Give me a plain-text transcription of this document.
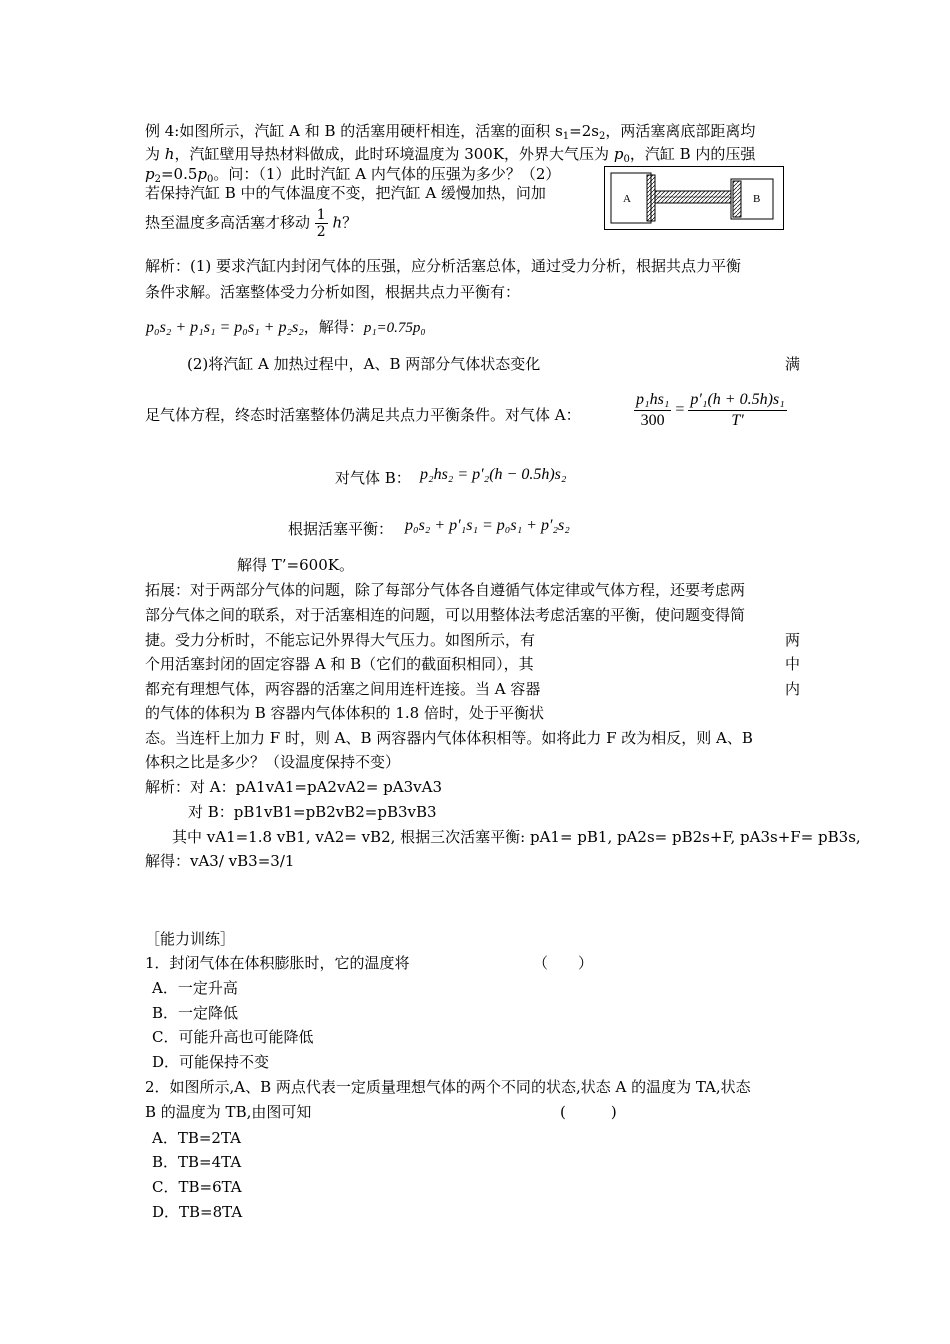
例 4:如图所示，汽缸 A 和 B 的活塞用硬杆相连，活塞的面积 $s_1=2s_2$，两活塞离底部距离均
为 h，汽缸壁用导热材料做成，此时环境温度为 300K，外界大气压为 $p_0$，汽缸 B 内的压强
$p_2=0.5p_0$。问：（1）此时汽缸 A 内气体的压强为多少？（2）
若保持汽缸 B 中的气体温度不变，把汽缸 A 缓慢加热，问加
热至温度多高活塞才移动 $\frac{1}{2}$ h？
A	B
解析：(1) 要求汽缸内封闭气体的压强，应分析活塞总体，通过受力分析，根据共点力平衡
条件求解。活塞整体受力分析如图，根据共点力平衡有：
p₀s₂ + p₁s₁ = p₀s₁ + p₂s₂，解得：p₁=0.75p₀
(2)将汽缸 A 加热过程中，A、B 两部分气体状态变化	满
足气体方程，终态时活塞整体仍满足共点力平衡条件。对气体 A：	$\frac{\text{p₁hs₁}}{300} = \frac{\text{p′₁(h + 0.5h)s₁}}{T'}$
对气体 B： p₂hs₂ = p′₂(h − 0.5h)s₂
根据活塞平衡： p₀s₂ + p′₁s₁ = p₀s₁ + p′₂s₂
解得 T’=600K。
拓展：对于两部分气体的问题，除了每部分气体各自遵循气体定律或气体方程，还要考虑两
部分气体之间的联系，对于活塞相连的问题，可以用整体法考虑活塞的平衡，使问题变得简
捷。受力分析时，不能忘记外界得大气压力。如图所示，有	两
个用活塞封闭的固定容器 A 和 B（它们的截面积相同），其	中
都充有理想气体，两容器的活塞之间用连杆连接。当 A 容器	内
的气体的体积为 B 容器内气体体积的 1.8 倍时，处于平衡状
态。当连杆上加力 F 时，则 A、B 两容器内气体体积相等。如将此力 F 改为相反，则 A、B
体积之比是多少？（设温度保持不变）
解析：对 A：pA1vA1=pA2vA2= pA3vA3
对 B：pB1vB1=pB2vB2=pB3vB3
其中 vA1=1.8 vB1, vA2= vB2, 根据三次活塞平衡: pA1= pB1, pA2s= pB2s+F, pA3s+F= pB3s,
解得：vA3/ vB3=3/1
［能力训练］
1．封闭气体在体积膨胀时，它的温度将	（　　）
A．一定升高
B．一定降低
C．可能升高也可能降低
D．可能保持不变
2．如图所示,A、B 两点代表一定质量理想气体的两个不同的状态,状态 A 的温度为 TA,状态
B 的温度为 TB,由图可知	(　　　)
A．TB=2TA
B．TB=4TA
C．TB=6TA
D．TB=8TA
